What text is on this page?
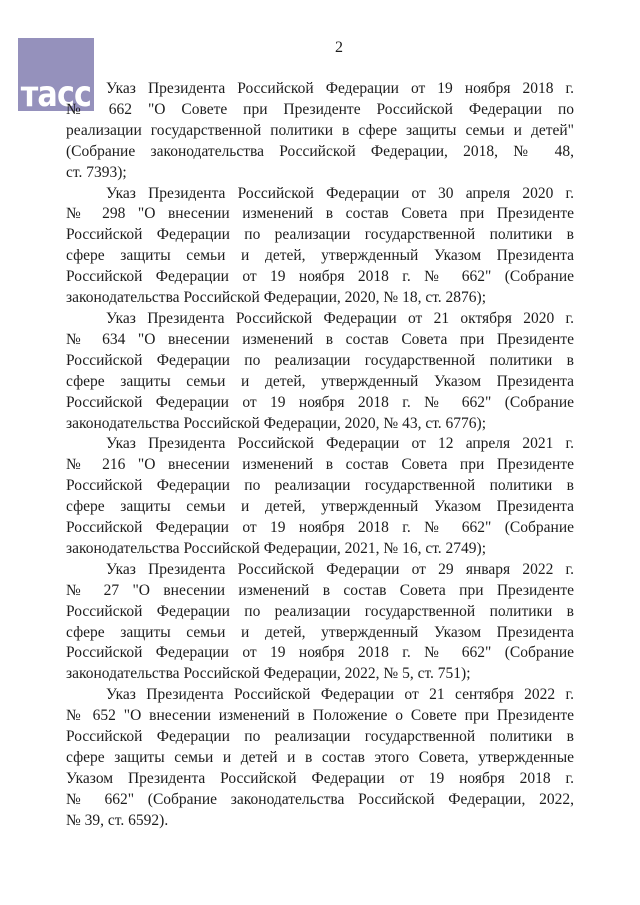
тасс
2
Указ Президента Российской Федерации от 19 ноября 2018 г.
№ 662 "О Совете при Президенте Российской Федерации по
реализации государственной политики в сфере защиты семьи и детей"
(Собрание законодательства Российской Федерации, 2018, № 48,
ст. 7393);
Указ Президента Российской Федерации от 30 апреля 2020 г.
№ 298 "О внесении изменений в состав Совета при Президенте
Российской Федерации по реализации государственной политики в
сфере защиты семьи и детей, утвержденный Указом Президента
Российской Федерации от 19 ноября 2018 г. № 662" (Собрание
законодательства Российской Федерации, 2020, № 18, ст. 2876);
Указ Президента Российской Федерации от 21 октября 2020 г.
№ 634 "О внесении изменений в состав Совета при Президенте
Российской Федерации по реализации государственной политики в
сфере защиты семьи и детей, утвержденный Указом Президента
Российской Федерации от 19 ноября 2018 г. № 662" (Собрание
законодательства Российской Федерации, 2020, № 43, ст. 6776);
Указ Президента Российской Федерации от 12 апреля 2021 г.
№ 216 "О внесении изменений в состав Совета при Президенте
Российской Федерации по реализации государственной политики в
сфере защиты семьи и детей, утвержденный Указом Президента
Российской Федерации от 19 ноября 2018 г. № 662" (Собрание
законодательства Российской Федерации, 2021, № 16, ст. 2749);
Указ Президента Российской Федерации от 29 января 2022 г.
№ 27 "О внесении изменений в состав Совета при Президенте
Российской Федерации по реализации государственной политики в
сфере защиты семьи и детей, утвержденный Указом Президента
Российской Федерации от 19 ноября 2018 г. № 662" (Собрание
законодательства Российской Федерации, 2022, № 5, ст. 751);
Указ Президента Российской Федерации от 21 сентября 2022 г.
№ 652 "О внесении изменений в Положение о Совете при Президенте
Российской Федерации по реализации государственной политики в
сфере защиты семьи и детей и в состав этого Совета, утвержденные
Указом Президента Российской Федерации от 19 ноября 2018 г.
№ 662" (Собрание законодательства Российской Федерации, 2022,
№ 39, ст. 6592).
